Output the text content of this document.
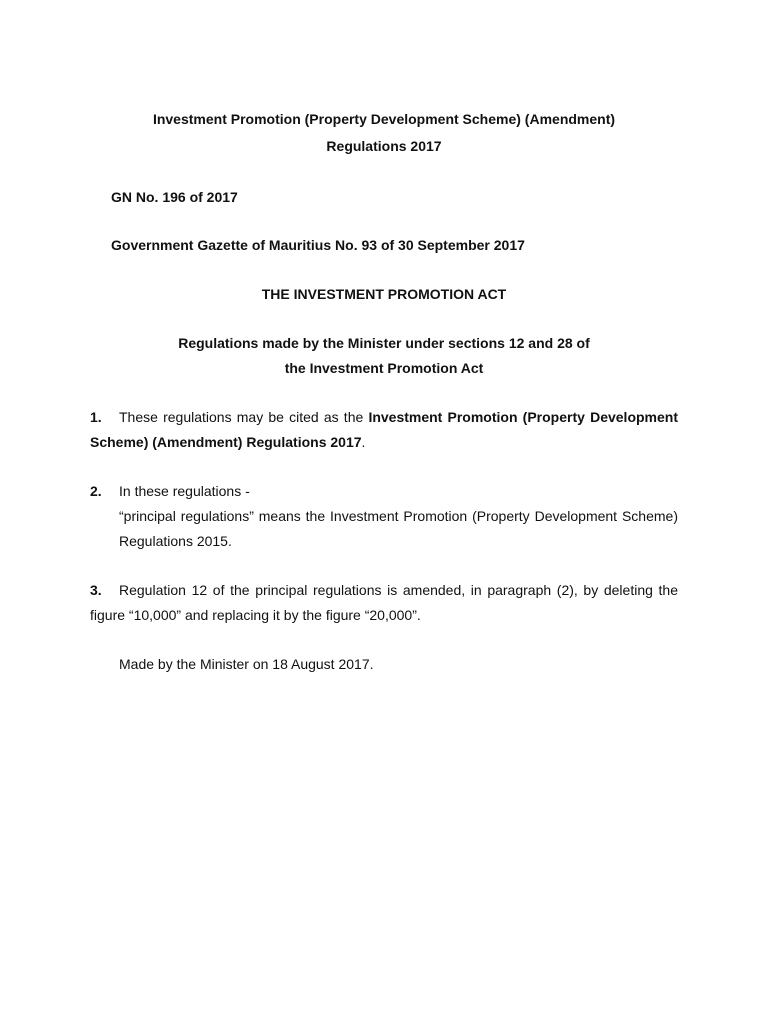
Investment Promotion (Property Development Scheme) (Amendment)
Regulations 2017
GN No. 196 of 2017
Government Gazette of Mauritius No. 93 of 30 September 2017
THE INVESTMENT PROMOTION ACT
Regulations made by the Minister under sections 12 and 28 of
the Investment Promotion Act
1. These regulations may be cited as the Investment Promotion (Property Development
Scheme) (Amendment) Regulations 2017.
2. In these regulations -
“principal regulations” means the Investment Promotion (Property Development Scheme)
Regulations 2015.
3. Regulation 12 of the principal regulations is amended, in paragraph (2), by deleting the
figure “10,000” and replacing it by the figure “20,000”.
Made by the Minister on 18 August 2017.
